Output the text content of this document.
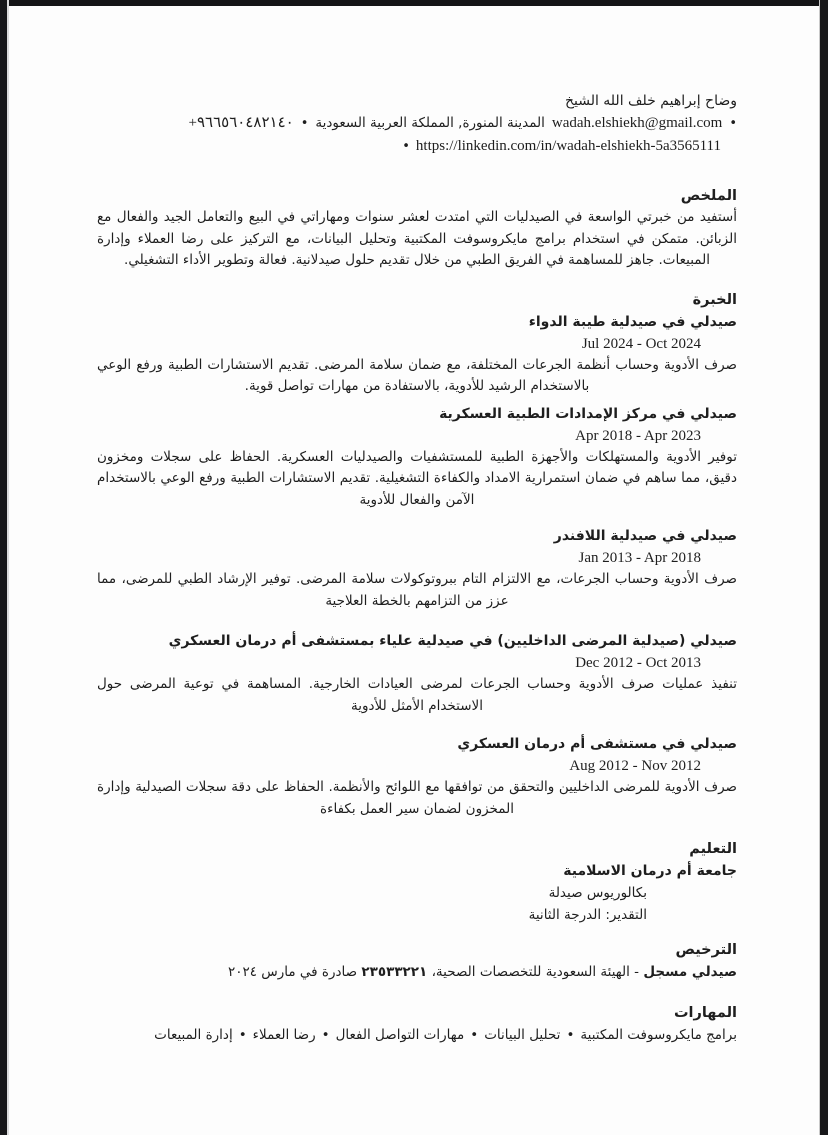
وضاح إبراهيم خلف الله الشيخ
+٩٦٦٥٦٠٤٨٢١٤٠ • المدينة المنورة, المملكة العربية السعودية wadah.elshiekh@gmail.com •
• https://linkedin.com/in/wadah-elshiekh-5a3565111
الملخص
أستفيد من خبرتي الواسعة في الصيدليات التي امتدت لعشر سنوات ومهاراتي في البيع والتعامل الجيد والفعال مع الزبائن. متمكن في استخدام برامج مايكروسوفت المكتبية وتحليل البيانات، مع التركيز على رضا العملاء وإدارة المبيعات. جاهز للمساهمة في الفريق الطبي من خلال تقديم حلول صيدلانية. فعالة وتطوير الأداء التشغيلي.
الخبرة
صيدلي في صيدلية طيبة الدواء
Jul 2024 - Oct 2024
صرف الأدوية وحساب أنظمة الجرعات المختلفة، مع ضمان سلامة المرضى. تقديم الاستشارات الطبية ورفع الوعي بالاستخدام الرشيد للأدوية، بالاستفادة من مهارات تواصل قوية.
صيدلي في مركز الإمدادات الطبية العسكرية
Apr 2018 - Apr 2023
توفير الأدوية والمستهلكات والأجهزة الطبية للمستشفيات والصيدليات العسكرية. الحفاظ على سجلات ومخزون دقيق، مما ساهم في ضمان استمرارية الامداد والكفاءة التشغيلية. تقديم الاستشارات الطبية ورفع الوعي بالاستخدام الآمن والفعال للأدوية
صيدلي في صيدلية اللافندر
Jan 2013 - Apr 2018
صرف الأدوية وحساب الجرعات، مع الالتزام التام ببروتوكولات سلامة المرضى. توفير الإرشاد الطبي للمرضى، مما عزز من التزامهم بالخطة العلاجية
صيدلي (صيدلية المرضى الداخليين) في صيدلية علياء بمستشفى أم درمان العسكري
Dec 2012 - Oct 2013
تنفيذ عمليات صرف الأدوية وحساب الجرعات لمرضى العيادات الخارجية. المساهمة في توعية المرضى حول الاستخدام الأمثل للأدوية
صيدلي في مستشفى أم درمان العسكري
Aug 2012 - Nov 2012
صرف الأدوية للمرضى الداخليين والتحقق من توافقها مع اللوائح والأنظمة. الحفاظ على دقة سجلات الصيدلية وإدارة المخزون لضمان سير العمل بكفاءة
التعليم
جامعة أم درمان الاسلامية
بكالوريوس صيدلة
التقدير: الدرجة الثانية
الترخيص
صيدلي مسجل - الهيئة السعودية للتخصصات الصحية، ٢٣٥٣٣٢٢١ صادرة في مارس ٢٠٢٤
المهارات
برامج مايكروسوفت المكتبية•تحليل البيانات•مهارات التواصل الفعال•رضا العملاء•إدارة المبيعات
